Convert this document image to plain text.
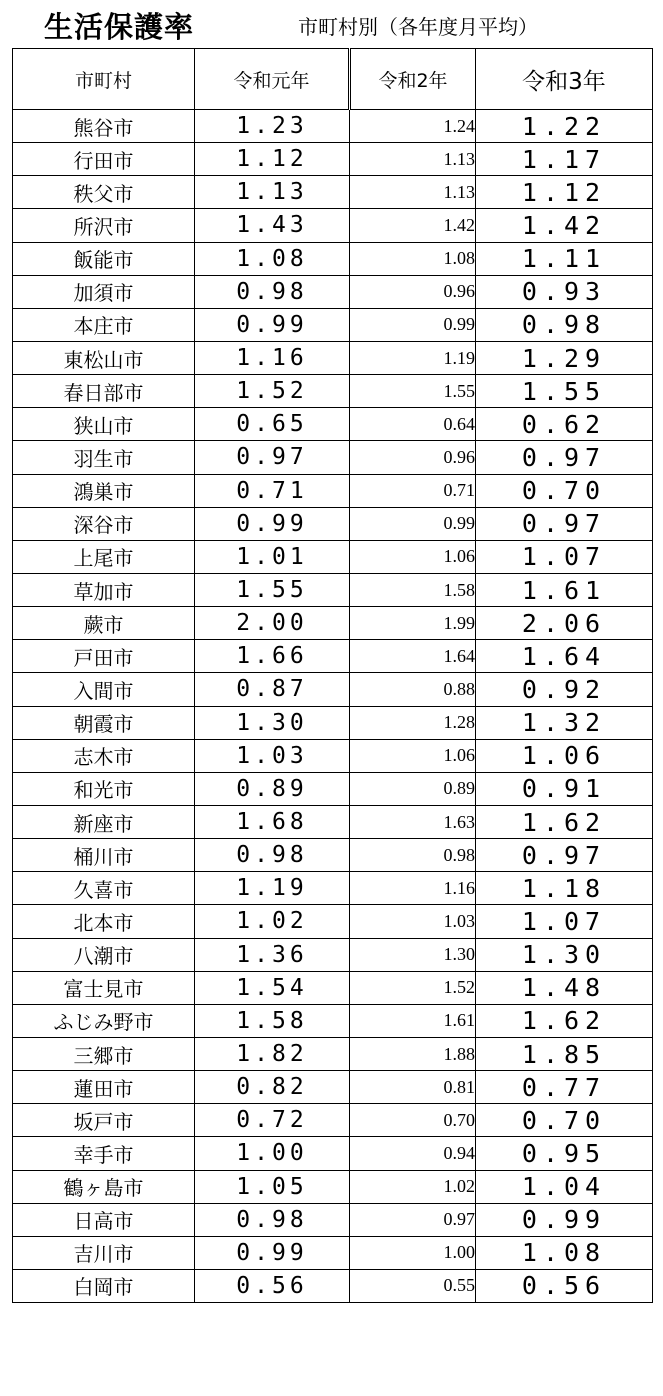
生活保護率	市町村別（各年度月平均）
市町村	令和元年	令和2年	令和3年
熊谷市	1.23	1.24	1.22
行田市	1.12	1.13	1.17
秩父市	1.13	1.13	1.12
所沢市	1.43	1.42	1.42
飯能市	1.08	1.08	1.11
加須市	0.98	0.96	0.93
本庄市	0.99	0.99	0.98
東松山市	1.16	1.19	1.29
春日部市	1.52	1.55	1.55
狭山市	0.65	0.64	0.62
羽生市	0.97	0.96	0.97
鴻巣市	0.71	0.71	0.70
深谷市	0.99	0.99	0.97
上尾市	1.01	1.06	1.07
草加市	1.55	1.58	1.61
蕨市	2.00	1.99	2.06
戸田市	1.66	1.64	1.64
入間市	0.87	0.88	0.92
朝霞市	1.30	1.28	1.32
志木市	1.03	1.06	1.06
和光市	0.89	0.89	0.91
新座市	1.68	1.63	1.62
桶川市	0.98	0.98	0.97
久喜市	1.19	1.16	1.18
北本市	1.02	1.03	1.07
八潮市	1.36	1.30	1.30
富士見市	1.54	1.52	1.48
ふじみ野市	1.58	1.61	1.62
三郷市	1.82	1.88	1.85
蓮田市	0.82	0.81	0.77
坂戸市	0.72	0.70	0.70
幸手市	1.00	0.94	0.95
鶴ヶ島市	1.05	1.02	1.04
日高市	0.98	0.97	0.99
吉川市	0.99	1.00	1.08
白岡市	0.56	0.55	0.56
